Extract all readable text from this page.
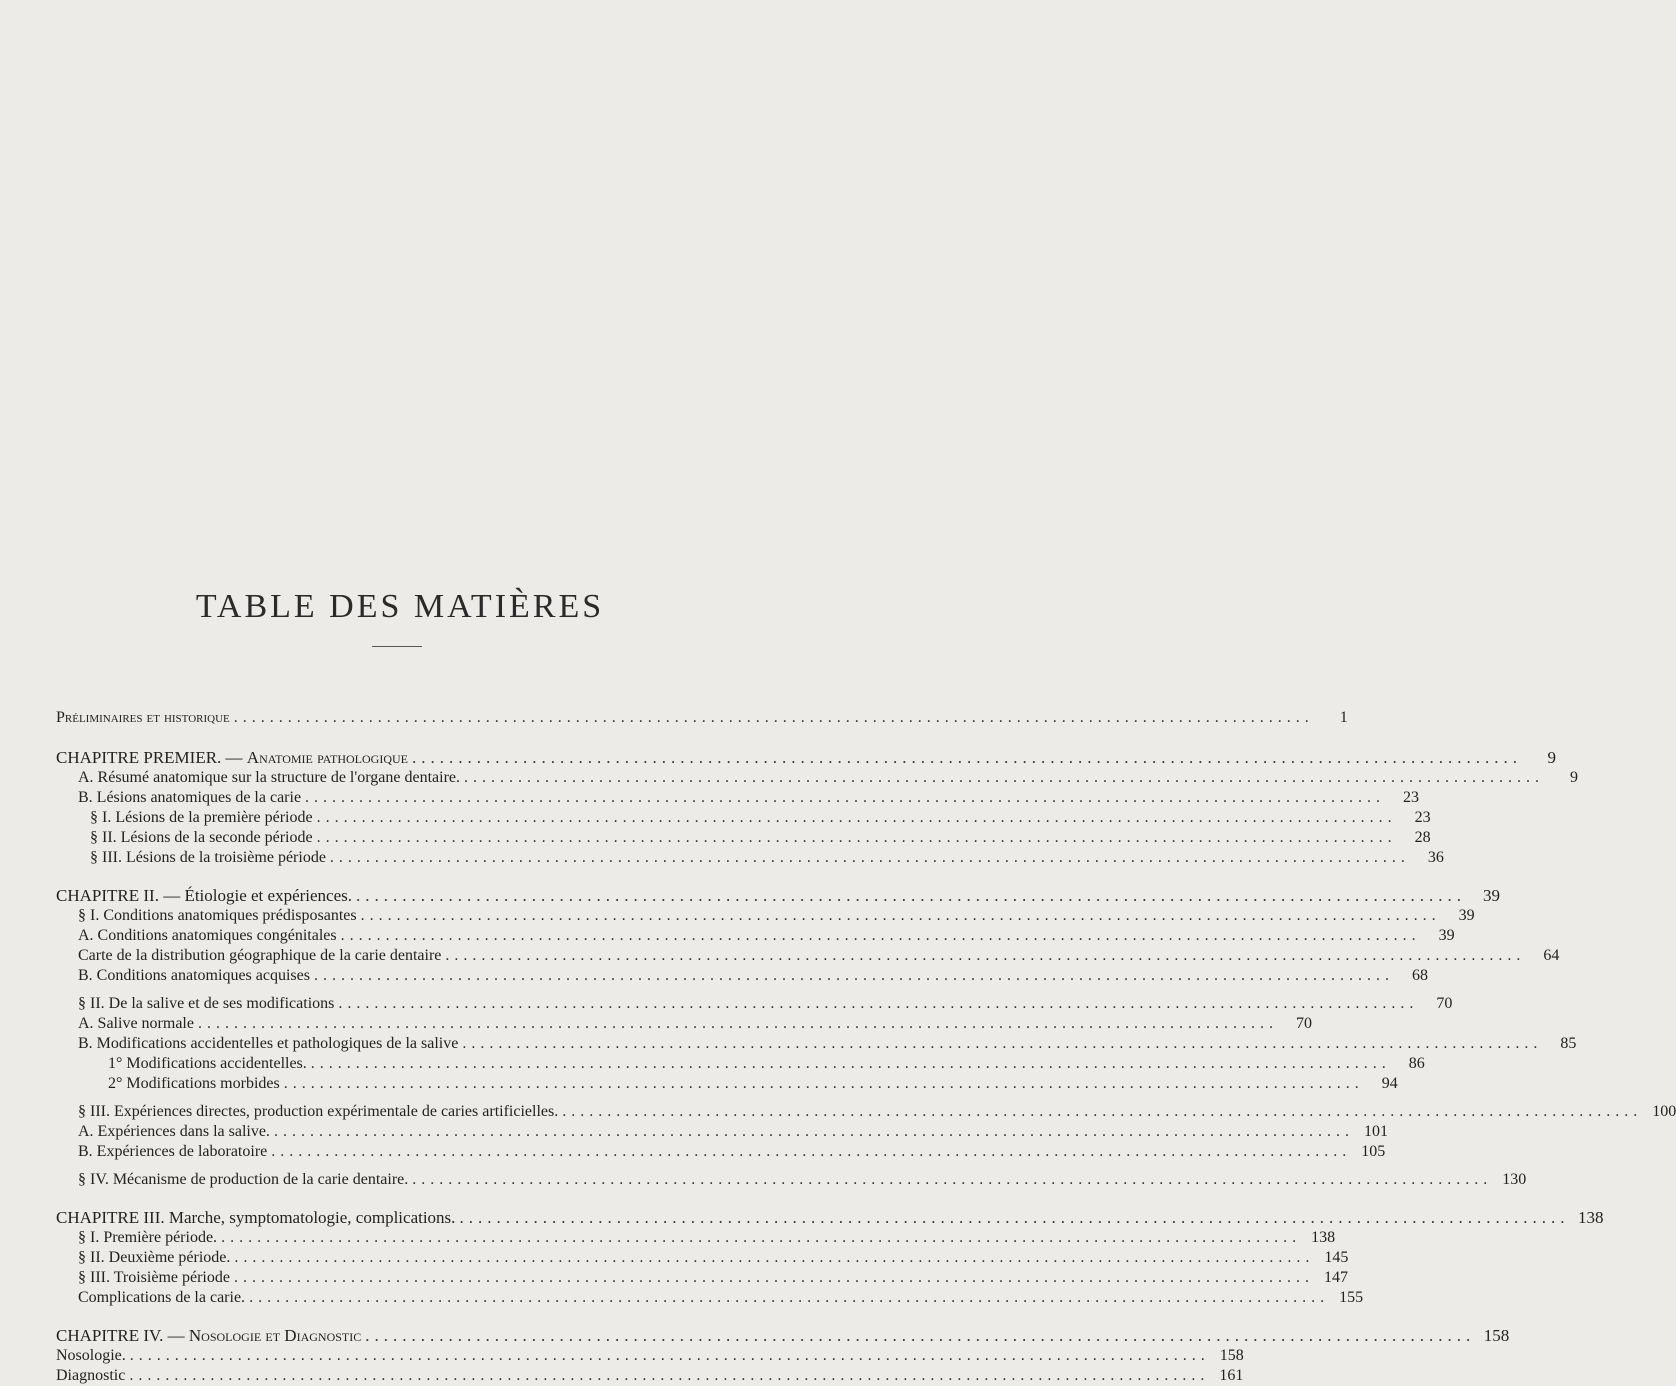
TABLE DES MATIÈRES
Préliminaires et historique ........................................................................................................................	1
CHAPITRE PREMIER. — Anatomie pathologique ........................................................................................................................	9
A. Résumé anatomique sur la structure de l'organe dentaire. ........................................................................................................................	9
B. Lésions anatomiques de la carie ........................................................................................................................	23
§ I. Lésions de la première période ........................................................................................................................	23
§ II. Lésions de la seconde période ........................................................................................................................	28
§ III. Lésions de la troisième période ........................................................................................................................	36
CHAPITRE II. — Étiologie et expériences. ........................................................................................................................	39
§ I. Conditions anatomiques prédisposantes ........................................................................................................................	39
A. Conditions anatomiques congénitales ........................................................................................................................	39
Carte de la distribution géographique de la carie dentaire ........................................................................................................................	64
B. Conditions anatomiques acquises ........................................................................................................................	68
§ II. De la salive et de ses modifications ........................................................................................................................	70
A. Salive normale ........................................................................................................................	70
B. Modifications accidentelles et pathologiques de la salive ........................................................................................................................	85
1° Modifications accidentelles. ........................................................................................................................	86
2° Modifications morbides ........................................................................................................................	94
§ III. Expériences directes, production expérimentale de caries artificielles. ........................................................................................................................ 100
A. Expériences dans la salive. ........................................................................................................................ 101
B. Expériences de laboratoire ........................................................................................................................ 105
§ IV. Mécanisme de production de la carie dentaire. ........................................................................................................................ 130
CHAPITRE III. Marche, symptomatologie, complications. ........................................................................................................................ 138
§ I. Première période. ........................................................................................................................ 138
§ II. Deuxième période. ........................................................................................................................ 145
§ III. Troisième période ........................................................................................................................ 147
Complications de la carie. ........................................................................................................................ 155
CHAPITRE IV. — Nosologie et Diagnostic ........................................................................................................................ 158
Nosologie. ........................................................................................................................ 158
Diagnostic ........................................................................................................................ 161
